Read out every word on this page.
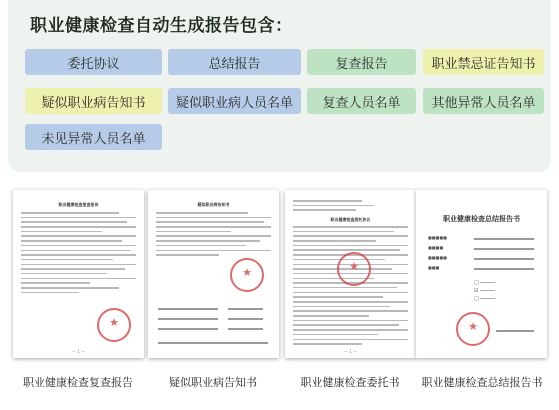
职业健康检查自动生成报告包含：
委托协议	总结报告	复查报告	职业禁忌证告知书
疑似职业病告知书	疑似职业病人员名单	复查人员名单	其他异常人员名单
未见异常人员名单
职业健康检查复查报告
★
— 1 —
疑似职业病告知书
★
职业健康检查委托协议
★
— 1 —
职业健康检查总结报告书
■■■■■
■■■■
■■■■■
■■■
□ ─────
☑ ─────
□ ─────
★
职业健康检查复查报告	疑似职业病告知书	职业健康检查委托书	职业健康检查总结报告书
